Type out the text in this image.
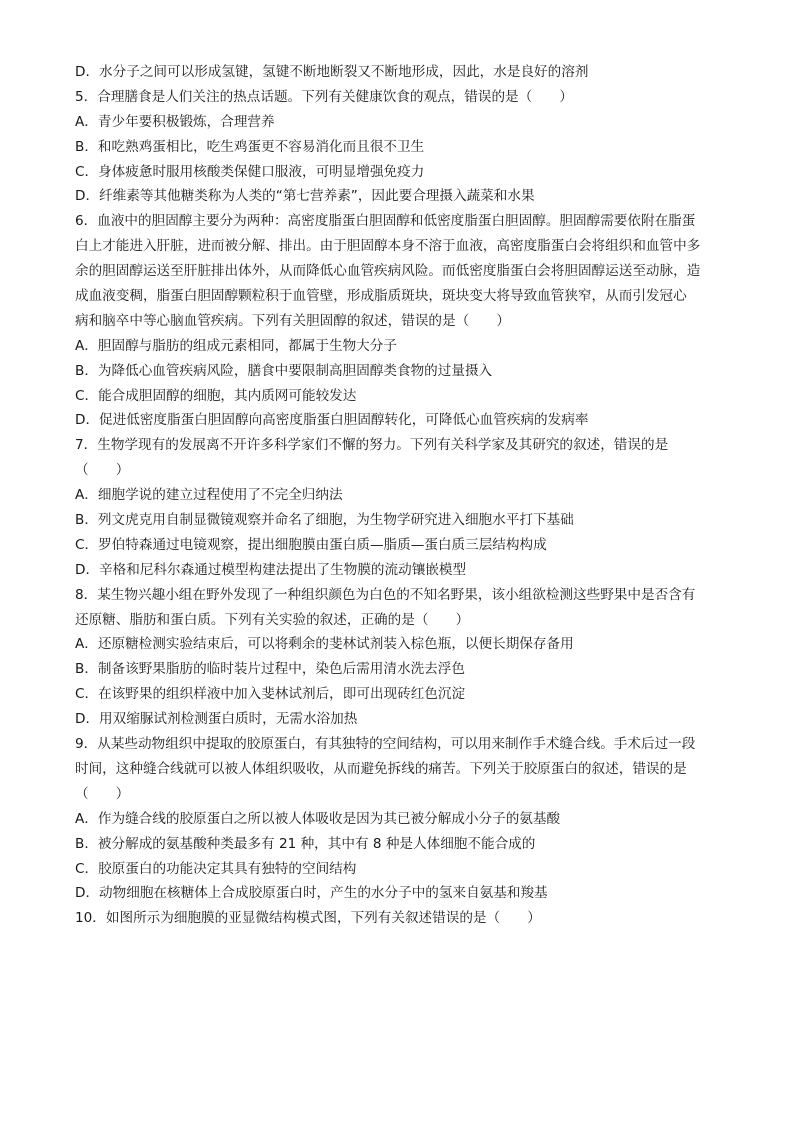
D．水分子之间可以形成氢键，氢键不断地断裂又不断地形成，因此，水是良好的溶剂
5．合理膳食是人们关注的热点话题。下列有关健康饮食的观点，错误的是（　　）
A．青少年要积极锻炼，合理营养
B．和吃熟鸡蛋相比，吃生鸡蛋更不容易消化而且很不卫生
C．身体疲惫时服用核酸类保健口服液，可明显增强免疫力
D．纤维素等其他糖类称为人类的“第七营养素”，因此要合理摄入蔬菜和水果
6．血液中的胆固醇主要分为两种：高密度脂蛋白胆固醇和低密度脂蛋白胆固醇。胆固醇需要依附在脂蛋
白上才能进入肝脏，进而被分解、排出。由于胆固醇本身不溶于血液，高密度脂蛋白会将组织和血管中多
余的胆固醇运送至肝脏排出体外，从而降低心血管疾病风险。而低密度脂蛋白会将胆固醇运送至动脉，造
成血液变稠，脂蛋白胆固醇颗粒积于血管壁，形成脂质斑块，斑块变大将导致血管狭窄，从而引发冠心
病和脑卒中等心脑血管疾病。下列有关胆固醇的叙述，错误的是（　　）
A．胆固醇与脂肪的组成元素相同，都属于生物大分子
B．为降低心血管疾病风险，膳食中要限制高胆固醇类食物的过量摄入
C．能合成胆固醇的细胞，其内质网可能较发达
D．促进低密度脂蛋白胆固醇向高密度脂蛋白胆固醇转化，可降低心血管疾病的发病率
7．生物学现有的发展离不开许多科学家们不懈的努力。下列有关科学家及其研究的叙述，错误的是
（　　）
A．细胞学说的建立过程使用了不完全归纳法
B．列文虎克用自制显微镜观察并命名了细胞，为生物学研究进入细胞水平打下基础
C．罗伯特森通过电镜观察，提出细胞膜由蛋白质—脂质—蛋白质三层结构构成
D．辛格和尼科尔森通过模型构建法提出了生物膜的流动镶嵌模型
8．某生物兴趣小组在野外发现了一种组织颜色为白色的不知名野果，该小组欲检测这些野果中是否含有
还原糖、脂肪和蛋白质。下列有关实验的叙述，正确的是（　　）
A．还原糖检测实验结束后，可以将剩余的斐林试剂装入棕色瓶，以便长期保存备用
B．制备该野果脂肪的临时装片过程中，染色后需用清水洗去浮色
C．在该野果的组织样液中加入斐林试剂后，即可出现砖红色沉淀
D．用双缩脲试剂检测蛋白质时，无需水浴加热
9．从某些动物组织中提取的胶原蛋白，有其独特的空间结构，可以用来制作手术缝合线。手术后过一段
时间，这种缝合线就可以被人体组织吸收，从而避免拆线的痛苦。下列关于胶原蛋白的叙述，错误的是
（　　）
A．作为缝合线的胶原蛋白之所以被人体吸收是因为其已被分解成小分子的氨基酸
B．被分解成的氨基酸种类最多有 21 种，其中有 8 种是人体细胞不能合成的
C．胶原蛋白的功能决定其具有独特的空间结构
D．动物细胞在核糖体上合成胶原蛋白时，产生的水分子中的氢来自氨基和羧基
10．如图所示为细胞膜的亚显微结构模式图，下列有关叙述错误的是（　　）
